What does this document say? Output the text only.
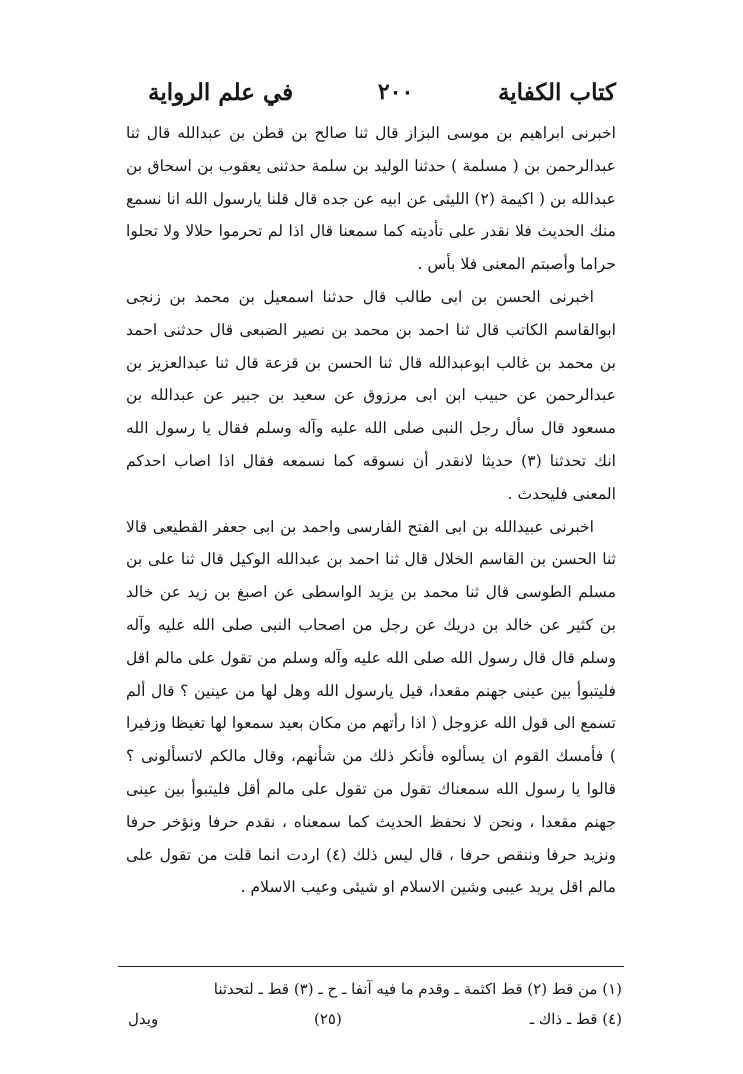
كتاب الكفاية
٢٠٠
في علم الرواية

اخبرنى ابراهيم بن موسى البزاز قال ثنا صالح بن قطن بن عبدالله قال ثنا عبدالرحمن بن ( مسلمة ) حدثنا الوليد بن سلمة حدثنى يعقوب بن اسحاق بن عبدالله بن ( اكيمة (٢) الليثى عن ابيه عن جده قال قلنا يارسول الله انا نسمع منك الحديث فلا نقدر على تأديته كما سمعنا قال اذا لم تحرموا حلالا ولا تحلوا حراما وأصبتم المعنى فلا بأس .

اخبرنى الحسن بن ابى طالب قال حدثنا اسمعيل بن محمد بن زنجى ابوالقاسم الكاتب قال ثنا احمد بن محمد بن نصير الضبعى قال حدثنى احمد بن محمد بن غالب ابوعبدالله قال ثنا الحسن بن قزعة قال ثنا عبدالعزيز بن عبدالرحمن عن حبيب ابن ابى مرزوق عن سعيد بن جبير عن عبدالله بن مسعود قال سأل رجل النبى صلى الله عليه وآله وسلم فقال يا رسول الله انك تحدثنا (٣) حديثا لانقدر أن نسوقه كما نسمعه فقال اذا اصاب احدكم المعنى فليحدث .

اخبرنى عبيدالله بن ابى الفتح الفارسى واحمد بن ابى جعفر القطيعى قالا ثنا الحسن بن القاسم الخلال قال ثنا احمد بن عبدالله الوكيل قال ثنا على بن مسلم الطوسى قال ثنا محمد بن يزيد الواسطى عن اصبغ بن زيد عن خالد بن كثير عن خالد بن دريك عن رجل من اصحاب النبى صلى الله عليه وآله وسلم قال قال رسول الله صلى الله عليه وآله وسلم من تقول على مالم اقل فليتبوأ بين عينى جهنم مقعدا، قيل يارسول الله وهل لها من عينين ؟ قال ألم تسمع الى قول الله عزوجل ( اذا رأتهم من مكان بعيد سمعوا لها تغيظا وزفيرا ) فأمسك القوم ان يسألوه فأنكر ذلك من شأنهم، وقال مالكم لاتسألونى ؟ قالوا يا رسول الله سمعناك تقول من تقول على مالم أقل فليتبوأ بين عينى جهنم مقعدا ، ونحن لا نحفظ الحديث كما سمعناه ، نقدم حرفا ونؤخر حرفا ونزيد حرفا وننقص حرفا ، قال ليس ذلك (٤) اردت انما قلت من تقول على مالم اقل يريد عيبى وشين الاسلام او شيئى وعيب الاسلام .

(١) من قط (٢) قط اكثمة ـ وقدم ما فيه آنفا ـ ح ـ (٣) قط ـ لتحدثنا
(٤) قط ـ ذاك ـ
(٢٥)
ويدل
